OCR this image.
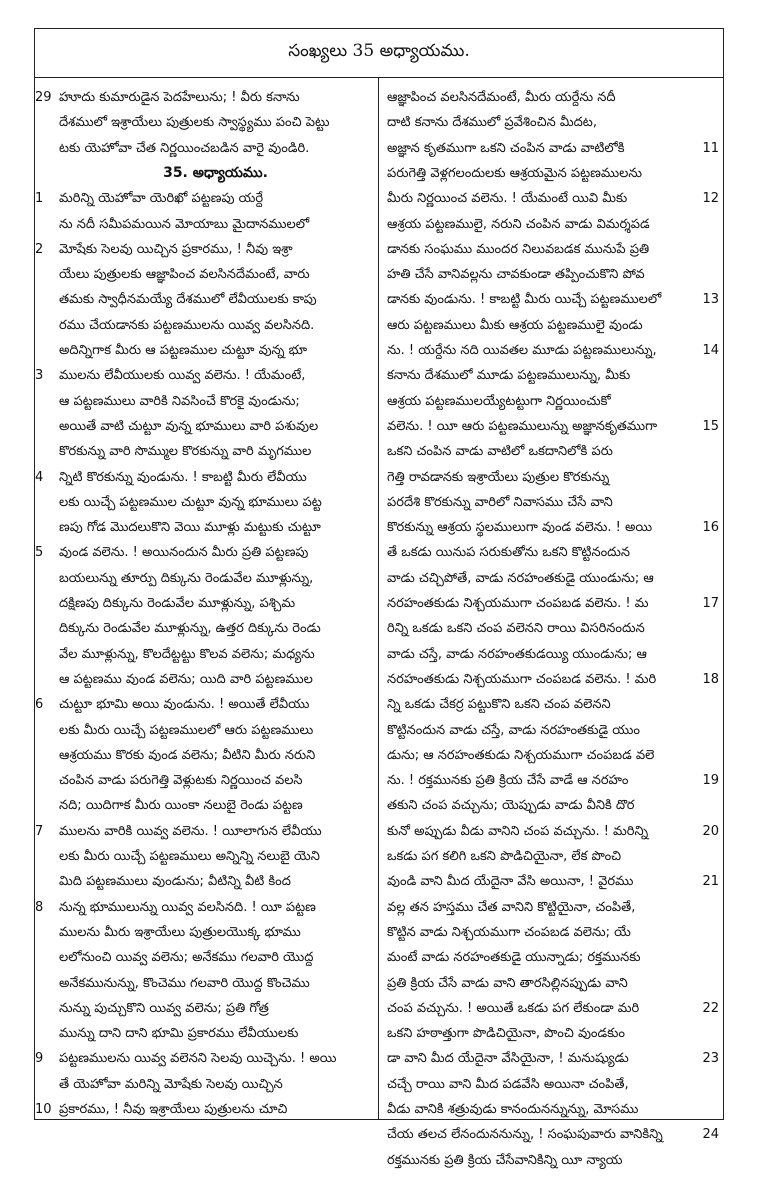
సంఖ్యలు 35 అధ్యాయము.
29 హూదు కుమారుడైన పెదహేలును; ! వీరు కనాను
దేశములో ఇశ్రాయేలు పుత్రులకు స్వాస్థ్యము పంచి పెట్టు
టకు యెహోవా చేత నిర్ణయించబడిన వారై వుండిరి.
35. అధ్యాయము.
1 మరిన్ని యెహోవా యెరిఖో పట్టణపు యర్దే
ను నదీ సమీపమయిన మోయాబు మైదానములలో
2 మోషేకు సెలవు యిచ్చిన ప్రకారము, ! నీవు ఇశ్రా
యేలు పుత్రులకు ఆజ్ఞాపించ వలసినదేమంటే, వారు
తమకు స్వాధీనమయ్యే దేశములో లేవీయులకు కాపు
రము చేయడానకు పట్టణములను యివ్వ వలసినది.
అదిన్నిగాక మీరు ఆ పట్టణముల చుట్టూ వున్న భూ
3 ములను లేవీయులకు యివ్వ వలెను. ! యేమంటే,
ఆ పట్టణములు వారికి నివసించే కొరకై వుండును;
అయితే వాటి చుట్టూ వున్న భూములు వారి పశువుల
కొరకున్ను వారి సొమ్ముల కొరకున్ను వారి మృగముల
4 న్నిటి కొరకున్ను వుండును. ! కాబట్టి మీరు లేవీయు
లకు యిచ్చే పట్టణముల చుట్టూ వున్న భూములు పట్ట
ణపు గోడ మొదలుకొని వెయి మూళ్లు మట్టుకు చుట్టూ
5 వుండ వలెను. ! అయినందున మీరు ప్రతి పట్టణపు
బయలున్ను తూర్పు దిక్కును రెండువేల మూళ్లున్ను,
దక్షిణపు దిక్కును రెండువేల మూళ్లున్ను, పశ్చిమ
దిక్కును రెండువేల మూళ్లున్ను, ఉత్తర దిక్కును రెండు
వేల మూళ్లున్ను, కొలదేట్టట్టు కొలవ వలెను; మధ్యను
ఆ పట్టణము వుండ వలెను; యిది వారి పట్టణముల
6 చుట్టూ భూమి అయి వుండును. ! అయితే లేవీయు
లకు మీరు యిచ్చే పట్టణములలో ఆరు పట్టణములు
ఆశ్రయము కొరకు వుండ వలెను; వీటిని మీరు నరుని
చంపిన వాడు పరుగెత్తి వెళ్లుటకు నిర్ణయించ వలసి
నది; యిదిగాక మీరు యింకా నలుబై రెండు పట్టణ
7 ములను వారికి యివ్వ వలెను. ! యీలాగున లేవీయు
లకు మీరు యిచ్చే పట్టణములు అన్నిన్ని నలుబై యెని
మిది పట్టణములు వుండును; వీటిన్ని వీటి కింద
8 నున్న భూములున్ను యివ్వ వలసినది. ! యీ పట్టణ
ములను మీరు ఇశ్రాయేలు పుత్రులయొక్క భూము
లలోనుంచి యివ్వ వలెను; అనేకము గలవారి యొద్ద
అనేకమునున్ను, కొంచెము గలవారి యొద్ద కొంచెము
నున్ను పుచ్చుకొని యివ్వ వలెను; ప్రతి గోత్ర
మున్ను దాని దాని భూమి ప్రకారము లేవీయులకు
9 పట్టణములను యివ్వ వలెనని సెలవు యిచ్చెను. ! అయి
తే యెహోవా మరిన్ని మోషేకు సెలవు యిచ్చిన
10 ప్రకారము, ! నీవు ఇశ్రాయేలు పుత్రులను చూచి
ఆజ్ఞాపించ వలసినదేమంటే, మీరు యర్దేను నదీ
దాటి కనాను దేశములో ప్రవేశించిన మీదట,
11
అజ్ఞాన కృతముగా ఒకని చంపిన వాడు వాటిలోకి
పరుగెత్తి వెళ్లగలందులకు ఆశ్రయమైన పట్టణములను
12
మీరు నిర్ణయించ వలెను. ! యేమంటే యివి మీకు
ఆశ్రయ పట్టణములై, నరుని చంపిన వాడు విమర్శపడ
డానకు సంఘము ముందర నిలువబడక మునుపే ప్రతి
హతి చేసే వానివల్లను చావకుండా తప్పించుకొని పోవ
13
డానకు వుండును. ! కాబట్టి మీరు యిచ్చే పట్టణములలో
ఆరు పట్టణములు మీకు ఆశ్రయ పట్టణములై వుండు
14
ను. ! యర్దేను నది యివతల మూడు పట్టణములున్ను,
కనాను దేశములో మూడు పట్టణములున్ను, మీకు
ఆశ్రయ పట్టణములయ్యేటట్టుగా నిర్ణయించుకో
15
వలెను. ! యీ ఆరు పట్టణములున్ను అజ్ఞానకృతముగా
ఒకని చంపిన వాడు వాటిలో ఒకదానిలోకి పరు
గెత్తి రావడానకు ఇశ్రాయేలు పుత్రుల కొరకున్ను
పరదేశి కొరకున్ను వారిలో నివాసము చేసే వాని
16
కొరకున్ను ఆశ్రయ స్థలములుగా వుండ వలెను. ! అయి
తే ఒకడు యినుప సరుకుతోను ఒకని కొట్టినందున
వాడు చచ్చిపోతే, వాడు నరహంతకుడై యుండును; ఆ
17
నరహంతకుడు నిశ్చయముగా చంపబడ వలెను. ! మ
రిన్ని ఒకడు ఒకని చంప వలెనని రాయి విసరినందున
వాడు చస్తే, వాడు నరహంతకుడయ్యి యుండును; ఆ
18
నరహంతకుడు నిశ్చయముగా చంపబడ వలెను. ! మరి
న్ని ఒకడు చేకర్ర పట్టుకొని ఒకని చంప వలెనని
కొట్టినందున వాడు చస్తే, వాడు నరహంతకుడై యుం
డును; ఆ నరహంతకుడు నిశ్చయముగా చంపబడ వలె
19
ను. ! రక్తమునకు ప్రతి క్రియ చేసే వాడే ఆ నరహం
తకుని చంప వచ్చును; యెప్పుడు వాడు వీనికి దొర
20
కునో అప్పుడు వీడు వానిని చంప వచ్చును. ! మరిన్ని
ఒకడు పగ కలిగి ఒకని పొడిచియైనా, లేక పొంచి
21
వుండి వాని మీద యేదైనా వేసి అయినా, ! వైరము
వల్ల తన హస్తము చేత వానిని కొట్టియైనా, చంపితే,
కొట్టిన వాడు నిశ్చయముగా చంపబడ వలెను; యే
మంటే వాడు నరహంతకుడై యున్నాడు; రక్తమునకు
ప్రతి క్రియ చేసే వాడు వాని తారసిల్లినప్పుడు వాని
22
చంప వచ్చును. ! అయితే ఒకడు పగ లేకుండా మరి
ఒకని హఠాత్తుగా పొడిచియైనా, పొంచి వుండకుం
23
డా వాని మీద యేదైనా వేసియైనా, ! మనుష్యుడు
చచ్చే రాయి వాని మీద పడవేసి అయినా చంపితే,
వీడు వానికి శత్రువుడు కానందునన్నున్ను, మోసము
24
చేయ తలచ లేనందుననున్ను, ! సంఘపువారు వానికిన్ని
రక్తమునకు ప్రతి క్రియ చేసేవానికిన్ని యీ న్యాయ
